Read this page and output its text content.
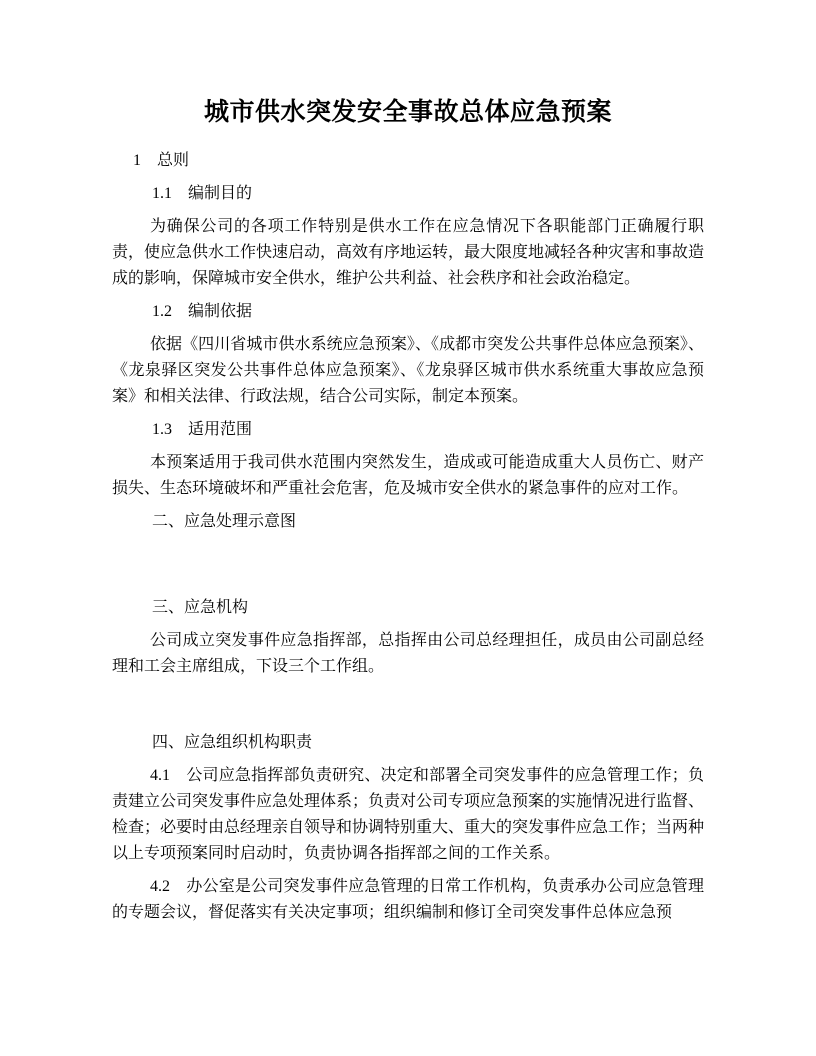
城市供水突发安全事故总体应急预案
1　总则
1.1　编制目的

为确保公司的各项工作特别是供水工作在应急情况下各职能部门正确履行职责，使应急供水工作快速启动，高效有序地运转，最大限度地减轻各种灾害和事故造成的影响，保障城市安全供水，维护公共利益、社会秩序和社会政治稳定。

1.2　编制依据

依据《四川省城市供水系统应急预案》、《成都市突发公共事件总体应急预案》、《龙泉驿区突发公共事件总体应急预案》、《龙泉驿区城市供水系统重大事故应急预案》和相关法律、行政法规，结合公司实际，制定本预案。

1.3　适用范围

本预案适用于我司供水范围内突然发生，造成或可能造成重大人员伤亡、财产损失、生态环境破坏和严重社会危害，危及城市安全供水的紧急事件的应对工作。

二、应急处理示意图
三、应急机构

公司成立突发事件应急指挥部，总指挥由公司总经理担任，成员由公司副总经理和工会主席组成，下设三个工作组。

四、应急组织机构职责

4.1　公司应急指挥部负责研究、决定和部署全司突发事件的应急管理工作；负责建立公司突发事件应急处理体系；负责对公司专项应急预案的实施情况进行监督、检查；必要时由总经理亲自领导和协调特别重大、重大的突发事件应急工作；当两种以上专项预案同时启动时，负责协调各指挥部之间的工作关系。

4.2　办公室是公司突发事件应急管理的日常工作机构，负责承办公司应急管理的专题会议，督促落实有关决定事项；组织编制和修订全司突发事件总体应急预
